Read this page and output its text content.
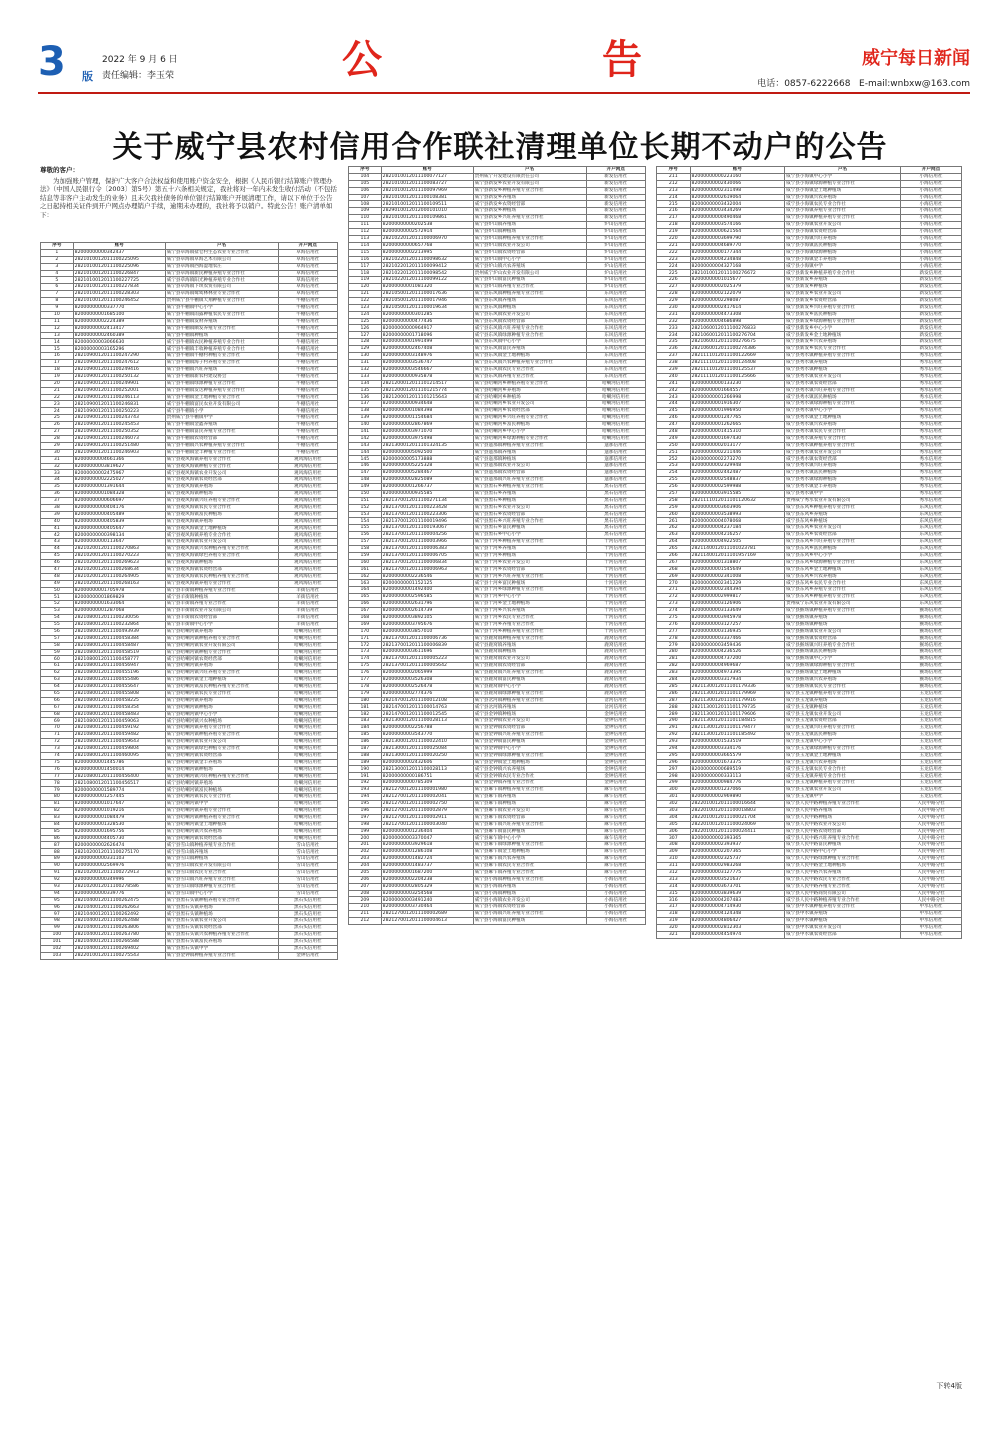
3 版
2022 年 9 月 6 日
责任编辑：李玉荣	公	告	威宁每日新闻
电话：0857-6222668   E-mail:wnbxw@163.com
关于威宁县农村信用合作联社清理单位长期不动户的公告
尊敬的客户：

为加强账户管理，保护广大客户合法权益和使用账户资金安全，根据《人民币银行结算账户管理办法》（中国人民银行令〔2003〕第5号）第五十六条相关规定，我社将对一年内未发生收付活动（不包括结息等非客户主动发生的业务）且未欠我社债务的单位银行结算账户开展清理工作，请以下单位于公告之日起持相关证件到开户网点办理销户手续，逾期未办理的，我社将予以销户。特此公告！账户清单如下：

序号	账号	户名	开户网点
1	82000000000342437	威宁县草海镇盐仓村生态农业专业合作社	草海信用社
2	2821010012011100225095	威宁县草海镇草海艺术有限公司	草海信用社
3	2821010012011100225096	威宁县草海镇西海湿地农庄	草海信用社
4	2821010012011100226847	威宁县草海镇新民种植养殖专业合作社	草海信用社
5	2821010012011100227725	威宁县草海镇阳光种植养殖专业合作社	草海信用社
6	2821010012011100227834	威宁县草海镇下坝农贸有限公司	草海信用社
7	2821010012011100228303	威宁县草海镇鹭鸶林林业专业合作社	草海信用社
8	2821010012011100246452	贵州威宁县牛棚镇天翔种植专业合作社	牛棚信用社
9	82000000000337770	威宁县牛棚镇中心小学	牛棚信用社
10	82000000001685100	威宁县牛棚镇雨露种植农民专业合作社	牛棚信用社
11	82000000002224389	威宁县牛棚镇发财养殖场	牛棚信用社
12	82000000002413417	威宁县牛棚镇顺发养殖专业合作社	牛棚信用社
13	82000000002460389	威宁县牛棚镇种植场	牛棚信用社
14	82000000003066630	威宁县牛棚镇农民种植养殖专业合作社	牛棚信用社
15	82000000003165296	威宁县牛棚镇丰收种植养殖专业合作社	牛棚信用社
16	2821090012011100247290	威宁县牛棚镇牛棚村种植专业合作社	牛棚信用社
17	2821090012011100247612	威宁县牛棚镇海子村养殖专业合作社	牛棚信用社
18	2821090012011100249416	威宁县牛棚镇兴旺养殖场	牛棚信用社
19	2821090012011100250132	威宁县牛棚镇新农村建设协会	牛棚信用社
20	2821090012011100249901	威宁县牛棚镇绿源种植专业合作社	牛棚信用社
21	2821090012011100252001	威宁县牛棚镇发达种植养殖专业合作社	牛棚信用社
22	2821090012011100246113	威宁县牛棚镇金土地种植专业合作社	牛棚信用社
23	2821090012011100246831	威宁县牛棚镇富民农业开发有限公司	牛棚信用社
24	2821090012011100250223	威宁县牛棚镇小学	牛棚信用社
25	2821090012011100243743	贵州威宁县牛棚镇中学	牛棚信用社
26	2821090012011100245453	威宁县牛棚镇金鑫养殖场	牛棚信用社
27	2821090012011100250352	威宁县牛棚镇富民养殖专业合作社	牛棚信用社
28	2821090012011100246073	威宁县牛棚镇农资经营部	牛棚信用社
29	2821090012011100251480	威宁县牛棚镇兴农种植养殖专业合作社	牛棚信用社
30	2821090012011100246903	威宁县牛棚镇金丰种植专业合作社	牛棚信用社
31	82000000004661366	威宁县观风海镇养殖专业合作社	观风海信用社
32	82000000003819627	威宁县观风海镇种植专业合作社	观风海信用社
33	82000000002475967	威宁县观风海镇农业开发公司	观风海信用社
34	82000000002225027	威宁县观风海镇农资经营部	观风海信用社
35	82000000001391644	威宁县观风海镇养殖场	观风海信用社
36	82000000001084328	威宁县观风海镇种植场	观风海信用社
37	82000000000606697	威宁县观风海镇兴旺养殖专业合作社	观风海信用社
38	82000000000404176	威宁县观风海镇农民专业合作社	观风海信用社
39	82000000000405489	威宁县观风海镇富民种植场	观风海信用社
40	82000000000405839	威宁县观风海镇养殖场	观风海信用社
41	82000000000405647	威宁县观风海镇金土地种植场	观风海信用社
42	82000000000398134	威宁县观风海镇养殖专业合作社	观风海信用社
43	82000000000113647	威宁县观风海镇农业开发公司	观风海信用社
44	2821020012011100270863	威宁县观风海镇兴农种植养殖专业合作社	观风海信用社
45	2821020012011100270223	威宁县观风海镇绿色养殖专业合作社	观风海信用社
46	2821020012011100269623	威宁县观风海镇种植场	观风海信用社
47	2821020012011100268634	威宁县观风海镇农资经营部	观风海信用社
48	2821020012011100264905	威宁县观风海镇农民种植养殖专业合作社	观风海信用社
49	2821020012011100268163	威宁县观风海镇养殖专业合作社	观风海信用社
50	82000000001705978	威宁县羊街镇种植养殖专业合作社	羊街信用社
51	82000000001869829	威宁县羊街镇种植场	羊街信用社
52	82000000001633064	威宁县羊街镇养殖专业合作社	羊街信用社
53	82000000001287068	威宁县羊街镇农业开发有限公司	羊街信用社
54	2821080012011100230056	威宁县羊街镇农资经营部	羊街信用社
55	2821080012011100232864	威宁县羊街镇中心小学	羊街信用社
56	2821080012011100493939	威宁县哈喇河镇养殖场	哈喇河信用社
57	2821080012011100458384	威宁县哈喇河镇种植养殖专业合作社	哈喇河信用社
58	2821080012011100458487	威宁县哈喇河镇农业开发有限公司	哈喇河信用社
59	2821080012011100458519	威宁县哈喇河镇种植专业合作社	哈喇河信用社
60	2821080012011100458777	威宁县哈喇河镇农资经营部	哈喇河信用社
61	2821080012011100456947	威宁县哈喇河镇养殖场	哈喇河信用社
62	2821080012011100455196	威宁县哈喇河镇兴旺养殖专业合作社	哈喇河信用社
63	2821080012011100455486	威宁县哈喇河镇金土地种植场	哈喇河信用社
64	2821080012011100455647	威宁县哈喇河镇富民种植养殖专业合作社	哈喇河信用社
65	2821080012011100455808	威宁县哈喇河镇农民专业合作社	哈喇河信用社
66	2821080012011100458225	威宁县哈喇河镇养殖场	哈喇河信用社
67	2821080012011100458354	威宁县哈喇河镇种植场	哈喇河信用社
68	2821080012011100458483	威宁县哈喇河镇中心小学	哈喇河信用社
69	2821080012011100459063	威宁县哈喇河镇兴农种植场	哈喇河信用社
70	2821080012011100459192	威宁县哈喇河镇养殖专业合作社	哈喇河信用社
71	2821080012011100459482	威宁县哈喇河镇种植养殖专业合作社	哈喇河信用社
72	2821080012011100459643	威宁县哈喇河镇农业开发公司	哈喇河信用社
73	2821080012011100459804	威宁县哈喇河镇绿色种植专业合作社	哈喇河信用社
74	2821080012011100460095	威宁县哈喇河镇农资经营部	哈喇河信用社
75	82000000001445786	威宁县哈喇河镇金丰养殖场	哈喇河信用社
76	82000000001450014	威宁县哈喇河镇种植场	哈喇河信用社
77	2821080012011100456400	威宁县哈喇河镇兴旺种植养殖专业合作社	哈喇河信用社
78	2821080012011100456517	威宁县哈喇河镇养殖场	哈喇河信用社
79	82000000001589774	威宁县哈喇河镇富民种植场	哈喇河信用社
80	82000000001257445	威宁县哈喇河镇农民专业合作社	哈喇河信用社
81	82000000001017647	威宁县哈喇河镇中学	哈喇河信用社
82	82000000001019216	威宁县哈喇河镇养殖专业合作社	哈喇河信用社
83	82000000001084479	威宁县哈喇河镇种植养殖专业合作社	哈喇河信用社
84	82000000001328530	威宁县哈喇河镇金土地种植场	哈喇河信用社
85	82000000001695756	威宁县哈喇河镇兴农养殖场	哈喇河信用社
86	82000000004405730	威宁县哈喇河镇农资经营部	哈喇河信用社
87	82000000002626474	威宁县雪山镇种植养殖专业合作社	雪山信用社
88	2821020012011100275170	威宁县雪山镇养殖场	雪山信用社
89	82000000000331103	威宁县雪山镇种植场	雪山信用社
90	82000000002569976	威宁县雪山镇农业开发有限公司	雪山信用社
91	2821020012011100272913	威宁县雪山镇农民专业合作社	雪山信用社
92	82000000000349996	威宁县雪山镇兴旺养殖专业合作社	雪山信用社
93	2821020012011100278586	威宁县雪山镇绿源种植专业合作社	雪山信用社
94	82000000000339776	威宁县雪山镇中心小学	雪山信用社
95	2821040012011100262475	威宁县黑石头镇种植养殖专业合作社	黑石头信用社
96	2821040012011100262663	威宁县黑石头镇养殖场	黑石头信用社
97	2821040012011100262492	威宁县黑石头镇种植场	黑石头信用社
98	2821040012011100262488	威宁县黑石头镇农业开发公司	黑石头信用社
99	2821040012011100263806	威宁县黑石头镇农资经营部	黑石头信用社
100	2821040012011100263780	威宁县黑石头镇兴农种植养殖专业合作社	黑石头信用社
101	2821040012011100266588	威宁县黑石头镇富民养殖场	黑石头信用社
102	2821040012011100269402	威宁县黑石头镇中学	黑石头信用社
103	2822010012011100275543	威宁县金钟镇种植养殖专业合作社	金钟信用社
序号	账号	户名	开户网点
104	2821010012011100077127	贵州威宁开发建设有限责任公司	新发信用社
105	2821010012011100083727	威宁县新发乡农业开发有限公司	新发信用社
106	2821010012011100097969	威宁县新发乡种植养殖专业合作社	新发信用社
107	2821010012011100108381	威宁县新发乡养殖场	新发信用社
108	2821010012011100109511	威宁县新发乡农资经营部	新发信用社
109	2829010012012000101010	威宁县新发乡种植场	新发信用社
110	2821010012011100109861	威宁县新发乡兴旺养殖专业合作社	新发信用社
111	82000000000202538	威宁县炉山镇养殖场	炉山信用社
112	82000000002572914	威宁县炉山镇种植场	炉山信用社
113	2821022012011100006970	威宁县炉山镇种植养殖专业合作社	炉山信用社
114	82000000000657768	威宁县炉山镇农业开发公司	炉山信用社
115	82000000002213995	威宁县炉山镇农资经营部	炉山信用社
116	2821022012011100098632	威宁县炉山镇中心小学	炉山信用社
117	2821022012011100099412	威宁县炉山镇兴农养殖场	炉山信用社
118	2821022012011100098542	贵州威宁炉山农业开发有限公司	炉山信用社
119	2821022012011100099122	威宁县炉山镇富民种植场	炉山信用社
120	82000000001081320	威宁县炉山镇养殖专业合作社	炉山信用社
121	2821050012011100017636	威宁县东风镇种植养殖专业合作社	东风信用社
122	2821050012011100017946	威宁县东风镇养殖场	东风信用社
123	2821050012011100019634	威宁县东风镇种植场	东风信用社
124	82000000000301285	威宁县东风镇农业开发公司	东风信用社
125	82000000000477436	威宁县东风镇农资经营部	东风信用社
126	82000000000964917	威宁县东风镇兴旺养殖专业合作社	东风信用社
127	82000000001718096	威宁县东风镇绿源种植专业合作社	东风信用社
128	82000000001991499	威宁县东风镇中心小学	东风信用社
129	82000000002467408	威宁县东风镇富民养殖场	东风信用社
130	82000000003148976	威宁县东风镇金土地种植场	东风信用社
131	82000000003536747	威宁县东风镇兴农种植养殖专业合作社	东风信用社
132	82000000003546667	威宁县东风镇农民专业合作社	东风信用社
133	82000000000935878	威宁县东风镇养殖专业合作社	东风信用社
134	2821200012011101214517	威宁县哈喇河乡种植养殖专业合作社	哈喇河信用社
135	2821200012011101215774	威宁县哈喇河乡养殖场	哈喇河信用社
136	2821200012011101215643	威宁县哈喇河乡种植场	哈喇河信用社
137	82000000000934648	威宁县哈喇河乡农业开发公司	哈喇河信用社
138	82000000001084398	威宁县哈喇河乡农资经营部	哈喇河信用社
139	82000000001154684	威宁县哈喇河乡兴旺养殖专业合作社	哈喇河信用社
140	82000000002867869	威宁县哈喇河乡富民种植场	哈喇河信用社
141	82000000003971070	威宁县哈喇河乡中心小学	哈喇河信用社
142	82000000003975498	威宁县哈喇河乡绿源种植专业合作社	哈喇河信用社
143	2821300012011101324135	威宁县迤那镇种植养殖专业合作社	迤那信用社
144	82000000005092500	威宁县迤那镇养殖场	迤那信用社
145	82000000005173888	威宁县迤那镇种植场	迤那信用社
146	82000000005225328	威宁县迤那镇农业开发公司	迤那信用社
147	82000000005284467	威宁县迤那镇农资经营部	迤那信用社
148	82000000002825089	威宁县迤那镇兴旺养殖专业合作社	迤那信用社
149	82000000001266737	威宁县黑石乡种植养殖专业合作社	黑石信用社
150	82000000000935585	威宁县黑石乡养殖场	黑石信用社
151	2821370012011100271134	威宁县黑石乡种植场	黑石信用社
152	2821370012011100223428	威宁县黑石乡农业开发公司	黑石信用社
153	2821370012011100223306	威宁县黑石乡农资经营部	黑石信用社
154	2821370012011100019496	威宁县黑石乡兴旺养殖专业合作社	黑石信用社
155	2821370012011100193067	威宁县黑石乡富民种植场	黑石信用社
156	2821370012011100004256	威宁县黑石乡中心小学	黑石信用社
157	2821370012011100003966	威宁县十河乡种植养殖专业合作社	十河信用社
158	2821370012011100006383	威宁县十河乡养殖场	十河信用社
159	2821370012011100006705	威宁县十河乡种植场	十河信用社
160	2821370012011100006834	威宁县十河乡农业开发公司	十河信用社
161	2821370012011100006963	威宁县十河乡农资经营部	十河信用社
162	82000000002236546	威宁县十河乡兴旺养殖专业合作社	十河信用社
163	82000000001152125	威宁县十河乡富民种植场	十河信用社
164	82000000001492400	威宁县十河乡绿源种植专业合作社	十河信用社
165	82000000002596585	威宁县十河乡中心小学	十河信用社
166	82000000002631796	威宁县十河乡金土地种植场	十河信用社
167	82000000002614739	威宁县十河乡兴农养殖场	十河信用社
168	82000000003892105	威宁县十河乡农民专业合作社	十河信用社
169	82000000003795676	威宁县十河乡养殖专业合作社	十河信用社
170	82000000003857010	威宁县十河乡种植养殖专业合作社	十河信用社
171	2821370012011100006736	威宁县鹿窝镇种植养殖专业合作社	鹿窝信用社
172	2821370012011100006839	威宁县鹿窝镇养殖场	鹿窝信用社
173	82000000003611696	威宁县鹿窝镇种植场	鹿窝信用社
174	2821370012011100005223	威宁县鹿窝镇农业开发公司	鹿窝信用社
175	2821370012011100005642	威宁县鹿窝镇农资经营部	鹿窝信用社
176	82000000002065999	威宁县鹿窝镇兴旺养殖专业合作社	鹿窝信用社
177	82000000003526308	威宁县鹿窝镇富民种植场	鹿窝信用社
178	82000000002526478	威宁县鹿窝镇中心小学	鹿窝信用社
179	82000000002774376	威宁县鹿窝镇绿源种植专业合作社	鹿窝信用社
180	2821470012011100012108	威宁县岔河镇种植养殖专业合作社	岔河信用社
181	2821470012011100014763	威宁县岔河镇养殖场	岔河信用社
182	2821470012011100012545	威宁县金钟镇种植场	金钟信用社
183	2821300012011100028113	威宁县金钟镇农业开发公司	金钟信用社
184	82000000002256788	威宁县金钟镇农资经营部	金钟信用社
185	82000000003543770	威宁县金钟镇兴旺养殖专业合作社	金钟信用社
186	2821300012011100022410	威宁县金钟镇富民种植场	金钟信用社
187	2821300012011100025084	威宁县金钟镇中心小学	金钟信用社
188	2821300012011100020250	威宁县金钟镇绿源种植专业合作社	金钟信用社
189	82000000002432606	威宁县金钟镇金土地种植场	金钟信用社
190	2821300012011100028113	威宁县金钟镇兴农养殖场	金钟信用社
191	82000000000186751	威宁县金钟镇农民专业合作社	金钟信用社
192	82000000000785309	威宁县金钟镇养殖专业合作社	金钟信用社
193	2821270012011100001980	威宁县麻乍镇种植养殖专业合作社	麻乍信用社
194	2821270012011100002041	威宁县麻乍镇养殖场	麻乍信用社
195	2821270012011100002750	威宁县麻乍镇种植场	麻乍信用社
196	2821270012011100002879	威宁县麻乍镇农业开发公司	麻乍信用社
197	2821270012011100002911	威宁县麻乍镇农资经营部	麻乍信用社
198	2821270012011100003040	威宁县麻乍镇兴旺养殖专业合作社	麻乍信用社
199	82000000001236404	威宁县麻乍镇富民种植场	麻乍信用社
200	82000000003370047	威宁县麻乍镇中心小学	麻乍信用社
201	82000000003929618	威宁县麻乍镇绿源种植专业合作社	麻乍信用社
202	82000000001286108	威宁县麻乍镇金土地种植场	麻乍信用社
203	82000000001482724	威宁县麻乍镇兴农养殖场	麻乍信用社
204	82000000001483737	威宁县麻乍镇农民专业合作社	麻乍信用社
205	82000000001687200	威宁县麻乍镇养殖专业合作社	麻乍信用社
206	82000000002204238	威宁县小海镇种植养殖专业合作社	小海信用社
207	82000000002805329	威宁县小海镇养殖场	小海信用社
208	82000000003254568	威宁县小海镇种植场	小海信用社
209	82000000003491240	威宁县小海镇农业开发公司	小海信用社
210	82000000003730464	威宁县小海镇农资经营部	小海信用社
211	2821270012011100002689	威宁县小海镇兴旺养殖专业合作社	小海信用社
212	2821270012011100004613	威宁县小海镇富民种植场	小海信用社
序号	账号	户名	开户网点
211	82000000000223160	威宁县小海镇中心小学	小海信用社
212	82000000002430066	威宁县小海镇绿源种植专业合作社	小海信用社
213	82000000002311498	威宁县小海镇金土地种植场	小海信用社
214	82000000002619064	威宁县小海镇兴农养殖场	小海信用社
215	82000000003432004	威宁县小海镇农民专业合作社	小海信用社
216	82000000003434269	威宁县小海镇养殖专业合作社	小海信用社
217	82000000000490468	威宁县小海镇种植养殖专业合作社	小海信用社
218	82000000003574166	威宁县小海镇农业开发公司	小海信用社
219	82000000000621564	威宁县小海镇农资经营部	小海信用社
220	82000000003699790	威宁县小海镇兴旺养殖场	小海信用社
221	82000000004689770	威宁县小海镇富民种植场	小海信用社
222	82000000000177344	威宁县小海镇绿源种植场	小海信用社
223	82000000004234848	威宁县小海镇金丰养殖场	小海信用社
224	82000000004327168	威宁县小海镇中学	小海信用社
225	2821010012011100276672	威宁县新发乡种植养殖专业合作社	新发信用社
226	82000000001015677	威宁县新发乡养殖场	新发信用社
227	82000000002025379	威宁县新发乡种植场	新发信用社
228	82000000002122079	威宁县新发乡农业开发公司	新发信用社
229	82000000002298087	威宁县新发乡农资经营部	新发信用社
230	82000000002417614	威宁县新发乡兴旺养殖专业合作社	新发信用社
231	82000000004473308	威宁县新发乡富民种植场	新发信用社
232	82000000004686898	威宁县新发乡绿源种植专业合作社	新发信用社
233	2821060012011100276833	威宁县新发乡中心小学	新发信用社
234	2821060012011100276704	威宁县新发乡金土地种植场	新发信用社
235	2821060012011100276675	威宁县新发乡兴农养殖场	新发信用社
236	2821060012011100274386	威宁县新发乡农民专业合作社	新发信用社
237	2821111012011100122669	威宁县秀水镇种植养殖专业合作社	秀水信用社
238	2821111012011100124408	威宁县秀水镇养殖场	秀水信用社
239	2821111012011100125537	威宁县秀水镇种植场	秀水信用社
240	2821111012011100125666	威宁县秀水镇农业开发公司	秀水信用社
241	82000000000133230	威宁县秀水镇农资经营部	秀水信用社
242	82000000001664557	威宁县秀水镇兴旺养殖专业合作社	秀水信用社
243	82000000001266998	威宁县秀水镇富民种植场	秀水信用社
244	82000000001916307	威宁县秀水镇绿源种植专业合作社	秀水信用社
245	82000000001996950	威宁县秀水镇中心小学	秀水信用社
246	82000000001247765	威宁县秀水镇金土地种植场	秀水信用社
247	82000000001262665	威宁县秀水镇兴农养殖场	秀水信用社
248	82000000001415310	威宁县秀水镇农民专业合作社	秀水信用社
249	82000000001697430	威宁县秀水镇养殖专业合作社	秀水信用社
250	82000000002013177	威宁县秀水镇种植养殖专业合作社	秀水信用社
251	82000000002211446	威宁县秀水镇农业开发公司	秀水信用社
252	82000000002273270	威宁县秀水镇农资经营部	秀水信用社
253	82000000002329948	威宁县秀水镇兴旺养殖场	秀水信用社
254	82000000002442487	威宁县秀水镇富民种植场	秀水信用社
255	82000000002548837	威宁县秀水镇绿源种植场	秀水信用社
256	82000000002599988	威宁县秀水镇金丰养殖场	秀水信用社
257	82000000003915585	威宁县秀水镇中学	秀水信用社
258	2821111012011101120632	贵州威宁秀水农业开发有限公司	秀水信用社
259	82000000003603906	威宁县东风乡种植养殖专业合作社	东风信用社
260	82000000003538993	威宁县东风乡养殖场	东风信用社
261	82000000004078068	威宁县东风乡种植场	东风信用社
262	82000000004237184	威宁县东风乡农业开发公司	东风信用社
263	82000000004216257	威宁县东风乡农资经营部	东风信用社
264	82000000004922505	威宁县东风乡兴旺养殖专业合作社	东风信用社
265	2821140012011101023781	威宁县东风乡富民种植场	东风信用社
266	2821140012011101957169	威宁县东风乡中心小学	东风信用社
267	82000000001318807	威宁县东风乡绿源种植专业合作社	东风信用社
268	82000000001545649	威宁县东风乡金土地种植场	东风信用社
269	82000000002341008	威宁县东风乡兴农养殖场	东风信用社
270	82000000002341229	威宁县东风乡农民专业合作社	东风信用社
271	82000000002344394	威宁县东风乡养殖专业合作社	东风信用社
272	82000000002999817	威宁县东风乡种植养殖专业合作社	东风信用社
273	82000000003126906	贵州威宁东风农业开发有限公司	东风信用社
274	82000000003133649	威宁县猴场镇种植养殖专业合作社	猴场信用社
275	82000000003945978	威宁县猴场镇养殖场	猴场信用社
276	82000000003127257	威宁县猴场镇种植场	猴场信用社
277	82000000003136935	威宁县猴场镇农业开发公司	猴场信用社
278	82000000003337466	威宁县猴场镇农资经营部	猴场信用社
279	82000000003459436	威宁县猴场镇兴旺养殖专业合作社	猴场信用社
280	82000000004236526	威宁县猴场镇富民种植场	猴场信用社
281	82000000004737200	威宁县猴场镇中心小学	猴场信用社
282	82000000004969687	威宁县猴场镇绿源种植专业合作社	猴场信用社
283	82000000004973395	威宁县猴场镇金土地种植场	猴场信用社
284	82000000003317934	威宁县猴场镇兴农养殖场	猴场信用社
285	2821130012011101179336	威宁县猴场镇农民专业合作社	猴场信用社
286	2821130012011101179969	威宁县玉龙镇种植养殖专业合作社	玉龙信用社
287	2821130012011101179916	威宁县玉龙镇养殖场	玉龙信用社
288	2821130012011101179735	威宁县玉龙镇种植场	玉龙信用社
289	2821130012011101179606	威宁县玉龙镇农业开发公司	玉龙信用社
290	2821130012011101184815	威宁县玉龙镇农资经营部	玉龙信用社
291	2821130012011101179477	威宁县玉龙镇兴旺养殖专业合作社	玉龙信用社
292	2821130012011101185492	威宁县玉龙镇富民种植场	玉龙信用社
293	82000000001533519	威宁县玉龙镇中心小学	玉龙信用社
294	82000000003334176	威宁县玉龙镇绿源种植专业合作社	玉龙信用社
295	82000000003665579	威宁县玉龙镇金土地种植场	玉龙信用社
296	82000000001673375	威宁县玉龙镇兴农养殖场	玉龙信用社
297	82000000000689519	威宁县玉龙镇农民专业合作社	玉龙信用社
298	82000000000333113	威宁县玉龙镇养殖专业合作社	玉龙信用社
299	82000000000984776	威宁县玉龙镇种植养殖专业合作社	玉龙信用社
300	82000000001237066	威宁县玉龙镇农业开发公司	玉龙信用社
301	82000000002969890	威宁县玉龙镇中学	玉龙信用社
302	2822010012011100016644	威宁县人民中路种植养殖专业合作社	人民中路分社
303	2822010012011100018803	威宁县人民中路养殖场	人民中路分社
304	2822010012011100021704	威宁县人民中路种植场	人民中路分社
305	2822010012011100024069	威宁县人民中路农业开发公司	人民中路分社
306	2822010012011100024411	威宁县人民中路农资经营部	人民中路分社
307	82000000002393365	威宁县人民中路兴旺养殖专业合作社	人民中路分社
308	82000000002393937	威宁县人民中路富民种植场	人民中路分社
309	82000000002207365	威宁县人民中路中心小学	人民中路分社
310	82000000002325737	威宁县人民中路绿源种植专业合作社	人民中路分社
311	82000000002983268	威宁县人民中路金土地种植场	人民中路分社
312	82000000003127775	威宁县人民中路兴农养殖场	人民中路分社
313	82000000003521637	威宁县人民中路农民专业合作社	人民中路分社
314	82000000003673701	威宁县人民中路养殖专业合作社	人民中路分社
315	82000000003839639	威宁县人民中路商贸有限公司	人民中路分社
316	82000000004207483	威宁县人民中路种植养殖专业合作社	人民中路分社
317	82000000004714930	威宁县中水镇种植养殖专业合作社	中水信用社
318	82000000004124348	威宁县中水镇养殖场	中水信用社
319	82000000004806427	威宁县中水镇种植场	中水信用社
320	82000000002812303	威宁县中水镇农业开发公司	中水信用社
321	82000000004454974	威宁县中水镇农资经营部	中水信用社
下转4版
